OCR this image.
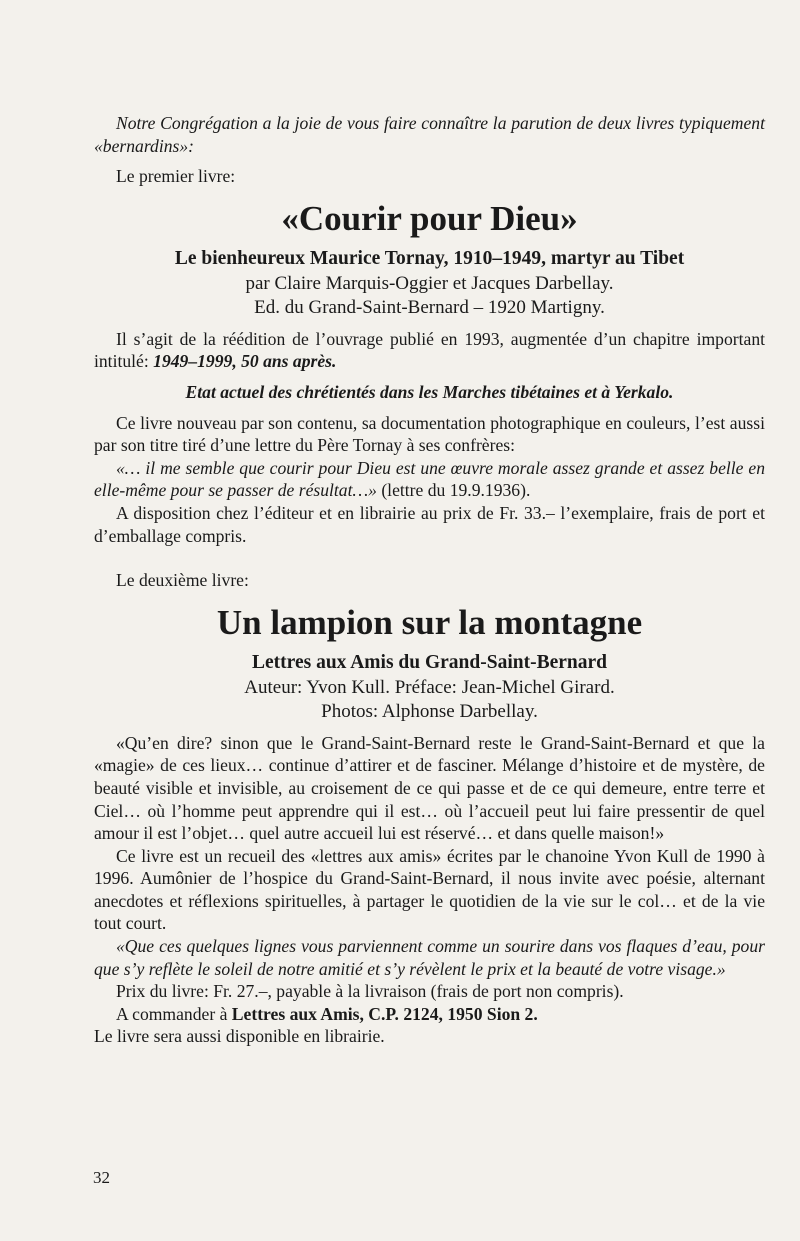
Notre Congrégation a la joie de vous faire connaître la parution de deux livres typiquement «bernardins»:

Le premier livre:

«Courir pour Dieu»
Le bienheureux Maurice Tornay, 1910–1949, martyr au Tibet
par Claire Marquis-Oggier et Jacques Darbellay.
Ed. du Grand-Saint-Bernard – 1920 Martigny.

Il s’agit de la réédition de l’ouvrage publié en 1993, augmentée d’un chapitre important intitulé: 1949–1999, 50 ans après.

Etat actuel des chrétientés dans les Marches tibétaines et à Yerkalo.

Ce livre nouveau par son contenu, sa documentation photographique en couleurs, l’est aussi par son titre tiré d’une lettre du Père Tornay à ses confrères:

«… il me semble que courir pour Dieu est une œuvre morale assez grande et assez belle en elle-même pour se passer de résultat…» (lettre du 19.9.1936).

A disposition chez l’éditeur et en librairie au prix de Fr. 33.– l’exemplaire, frais de port et d’emballage compris.

Le deuxième livre:

Un lampion sur la montagne
Lettres aux Amis du Grand-Saint-Bernard
Auteur: Yvon Kull. Préface: Jean-Michel Girard.
Photos: Alphonse Darbellay.

«Qu’en dire? sinon que le Grand-Saint-Bernard reste le Grand-Saint-Bernard et que la «magie» de ces lieux… continue d’attirer et de fasciner. Mélange d’histoire et de mystère, de beauté visible et invisible, au croisement de ce qui passe et de ce qui demeure, entre terre et Ciel… où l’homme peut apprendre qui il est… où l’accueil peut lui faire pressentir de quel amour il est l’objet… quel autre accueil lui est réservé… et dans quelle maison!»

Ce livre est un recueil des «lettres aux amis» écrites par le chanoine Yvon Kull de 1990 à 1996. Aumônier de l’hospice du Grand-Saint-Bernard, il nous invite avec poésie, alternant anecdotes et réflexions spirituelles, à partager le quotidien de la vie sur le col… et de la vie tout court.

«Que ces quelques lignes vous parviennent comme un sourire dans vos flaques d’eau, pour que s’y reflète le soleil de notre amitié et s’y révèlent le prix et la beauté de votre visage.»

Prix du livre: Fr. 27.–, payable à la livraison (frais de port non compris).

A commander à Lettres aux Amis, C.P. 2124, 1950 Sion 2.

Le livre sera aussi disponible en librairie.

32
